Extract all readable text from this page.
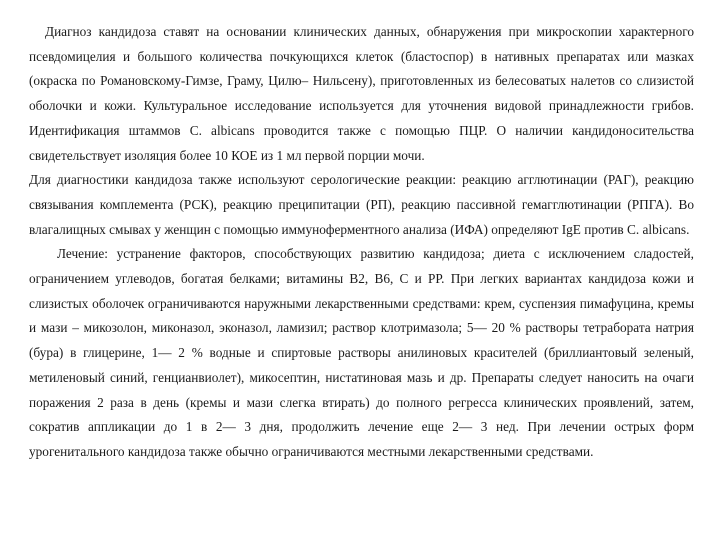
Диагноз кандидоза ставят на основании клинических данных, обнаружения при микроскопии характерного псевдомицелия и большого количества почкующихся клеток (бластоспор) в нативных препаратах или мазках (окраска по Романовскому-Гимзе, Граму, Цилю– Нильсену), приготовленных из белесоватых налетов со слизистой оболочки и кожи. Культуральное исследование используется для уточнения видовой принадлежности грибов. Идентификация штаммов C. albicans проводится также с помощью ПЦР. О наличии кандидоносительства свидетельствует изоляция более 10 КОЕ из 1 мл первой порции мочи.

Для диагностики кандидоза также используют серологические реакции: реакцию агглютинации (РАГ), реакцию связывания комплемента (РСК), реакцию преципитации (РП), реакцию пассивной гемагглютинации (РПГА). Во влагалищных смывах у женщин с помощью иммуноферментного анализа (ИФА) определяют IgE против C. albicans.

Лечение: устранение факторов, способствующих развитию кандидоза; диета с исключением сладостей, ограничением углеводов, богатая белками; витамины В2, В6, С и РР. При легких вариантах кандидоза кожи и слизистых оболочек ограничиваются наружными лекарственными средствами: крем, суспензия пимафуцина, кремы и мази – микозолон, миконазол, эконазол, ламизил; раствор клотримазола; 5— 20 % растворы тетрабората натрия (бура) в глицерине, 1— 2 % водные и спиртовые растворы анилиновых красителей (бриллиантовый зеленый, метиленовый синий, генцианвиолет), микосептин, нистатиновая мазь и др. Препараты следует наносить на очаги поражения 2 раза в день (кремы и мази слегка втирать) до полного регресса клинических проявлений, затем, сократив аппликации до 1 в 2— 3 дня, продолжить лечение еще 2— 3 нед. При лечении острых форм урогенитального кандидоза также обычно ограничиваются местными лекарственными средствами.
